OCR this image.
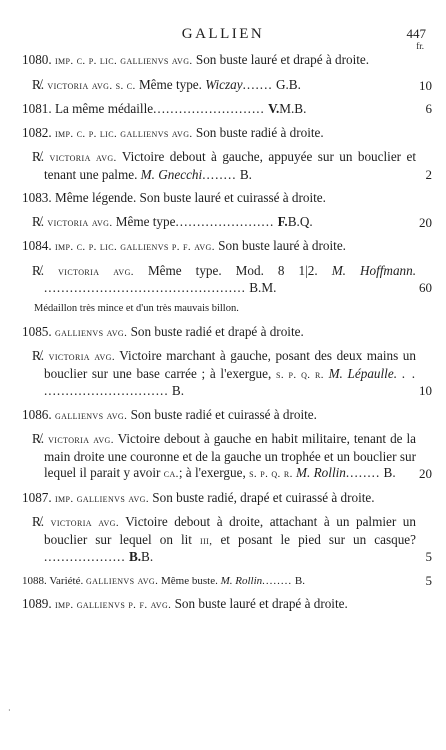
GALLIEN	447
fr.
1080. imp. c. p. lic. gallienvs avg. Son buste lauré et drapé à droite.
R̸. victoria avg. s. c. Même type. Wiczay....... G.B.	10
1081. La même médaille.......................... V.M.B.	6
1082. imp. c. p. lic. gallienvs avg. Son buste radié à droite.
R̸. victoria avg. Victoire debout à gauche, appuyée sur un bouclier et tenant une palme. M. Gnecchi........ B.	2
1083. Même légende. Son buste lauré et cuirassé à droite.
R̸. victoria avg. Même type....................... F.B.Q.	20
1084. imp. c. p. lic. gallienvs p. f. avg. Son buste lauré à droite.
R̸. victoria avg. Même type. Mod. 8 1|2. M. Hoffmann. ............................................... B.M.	60
Médaillon très mince et d'un très mauvais billon.
1085. gallienvs avg. Son buste radié et drapé à droite.
R̸. victoria avg. Victoire marchant à gauche, posant des deux mains un bouclier sur une base carrée ; à l'exergue, s. p. q. r. M. Lépaulle. . . ............................. B.	10
1086. gallienvs avg. Son buste radié et cuirassé à droite.
R̸. victoria avg. Victoire debout à gauche en habit militaire, tenant de la main droite une couronne et de la gauche un trophée et un bouclier sur lequel il parait y avoir ca.; à l'exergue, s. p. q. r. M. Rollin........ B.	20
1087. imp. gallienvs avg. Son buste radié, drapé et cuirassé à droite.
R̸. victoria avg. Victoire debout à droite, attachant à un palmier un bouclier sur lequel on lit iii, et posant le pied sur un casque? ................... B.B.	5
1088. Variété. gallienvs avg. Même buste. M. Rollin........ B.	5
1089. imp. gallienvs p. f. avg. Son buste lauré et drapé à droite.
·
